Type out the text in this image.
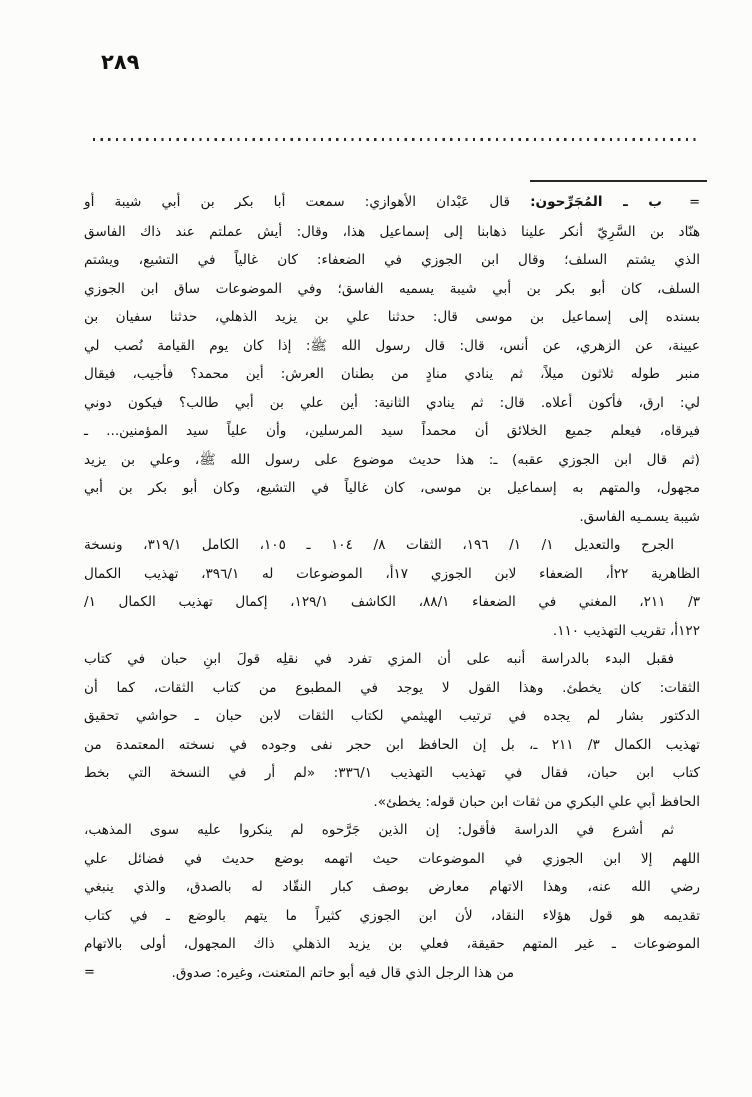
٢٨٩
= ب ـ المُجَرِّحون: قال عَبْدان الأهوازي: سمعت أبا بكر بن أبي شيبة أو
هنّاد بن السَّرِيّ أنكر علينا ذهابنا إلى إسماعيل هذا، وقال: أيش عملتم عند ذاك الفاسق
الذي يشتم السلف؛ وقال ابن الجوزي في الضعفاء: كان غالياً في التشيع، ويشتم
السلف، كان أبو بكر بن أبي شيبة يسميه الفاسق؛ وفي الموضوعات ساق ابن الجوزي
بسنده إلى إسماعيل بن موسى قال: حدثنا علي بن يزيد الذهلي، حدثنا سفيان بن
عيينة، عن الزهري، عن أنس، قال: قال رسول الله ﷺ: إذا كان يوم القيامة نُصب لي
منبر طوله ثلاثون ميلاً، ثم ينادي منادٍ من بطنان العرش: أين محمد؟ فأجيب، فيقال
لي: ارق، فأكون أعلاه. قال: ثم ينادي الثانية: أين علي بن أبي طالب؟ فيكون دوني
فيرقاه، فيعلم جميع الخلائق أن محمداً سيد المرسلين، وأن علياً سيد المؤمنين... ـ
(ثم قال ابن الجوزي عقبه) ـ: هذا حديث موضوع على رسول الله ﷺ، وعلي بن يزيد
مجهول، والمتهم به إسماعيل بن موسى، كان غالياً في التشيع، وكان أبو بكر بن أبي
شيبة يسمـيه الفاسق.
الجرح والتعديل ١/ ١/ ١٩٦، الثقات ٨/ ١٠٤ ـ ١٠٥، الكامل ٣١٩/١، ونسخة
الظاهرية ٢٢أ، الضعفاء لابن الجوزي ١٧أ، الموضوعات له ٣٩٦/١، تهذيب الكمال
٣/ ٢١١، المغني في الضعفاء ٨٨/١، الكاشف ١٢٩/١، إكمال تهذيب الكمال ١/
١٢٢أ، تقريب التهذيب ١١٠.
فقبل البدء بالدراسة أنبه على أن المزي تفرد في نقلِه قولَ ابنِ حبان في كتاب
الثقات: كان يخطئ. وهذا القول لا يوجد في المطبوع من كتاب الثقات، كما أن
الدكتور بشار لم يجده في ترتيب الهيثمي لكتاب الثقات لابن حبان ـ حواشي تحقيق
تهذيب الكمال ٣/ ٢١١ ـ، بل إن الحافظ ابن حجر نفى وجوده في نسخته المعتمدة من
كتاب ابن حبان، فقال في تهذيب التهذيب ٣٣٦/١: «لم أر في النسخة التي بخط
الحافظ أبي علي البكري من ثقات ابن حبان قوله: يخطئ».
ثم أشرع في الدراسة فأقول: إن الذين جَرَّحوه لم ينكروا عليه سوى المذهب،
اللهم إلا ابن الجوزي في الموضوعات حيث اتهمه بوضع حديث في فضائل علي
رضي الله عنه، وهذا الاتهام معارض بوصف كبار النقّاد له بالصدق، والذي ينبغي
تقديمه هو قول هؤلاء النقاد، لأن ابن الجوزي كثيراً ما يتهم بالوضع ـ في كتاب
الموضوعات ـ غير المتهم حقيقة، فعلي بن يزيد الذهلي ذاك المجهول، أولى بالاتهام
من هذا الرجل الذي قال فيه أبو حاتم المتعنت، وغيره: صدوق.
=
